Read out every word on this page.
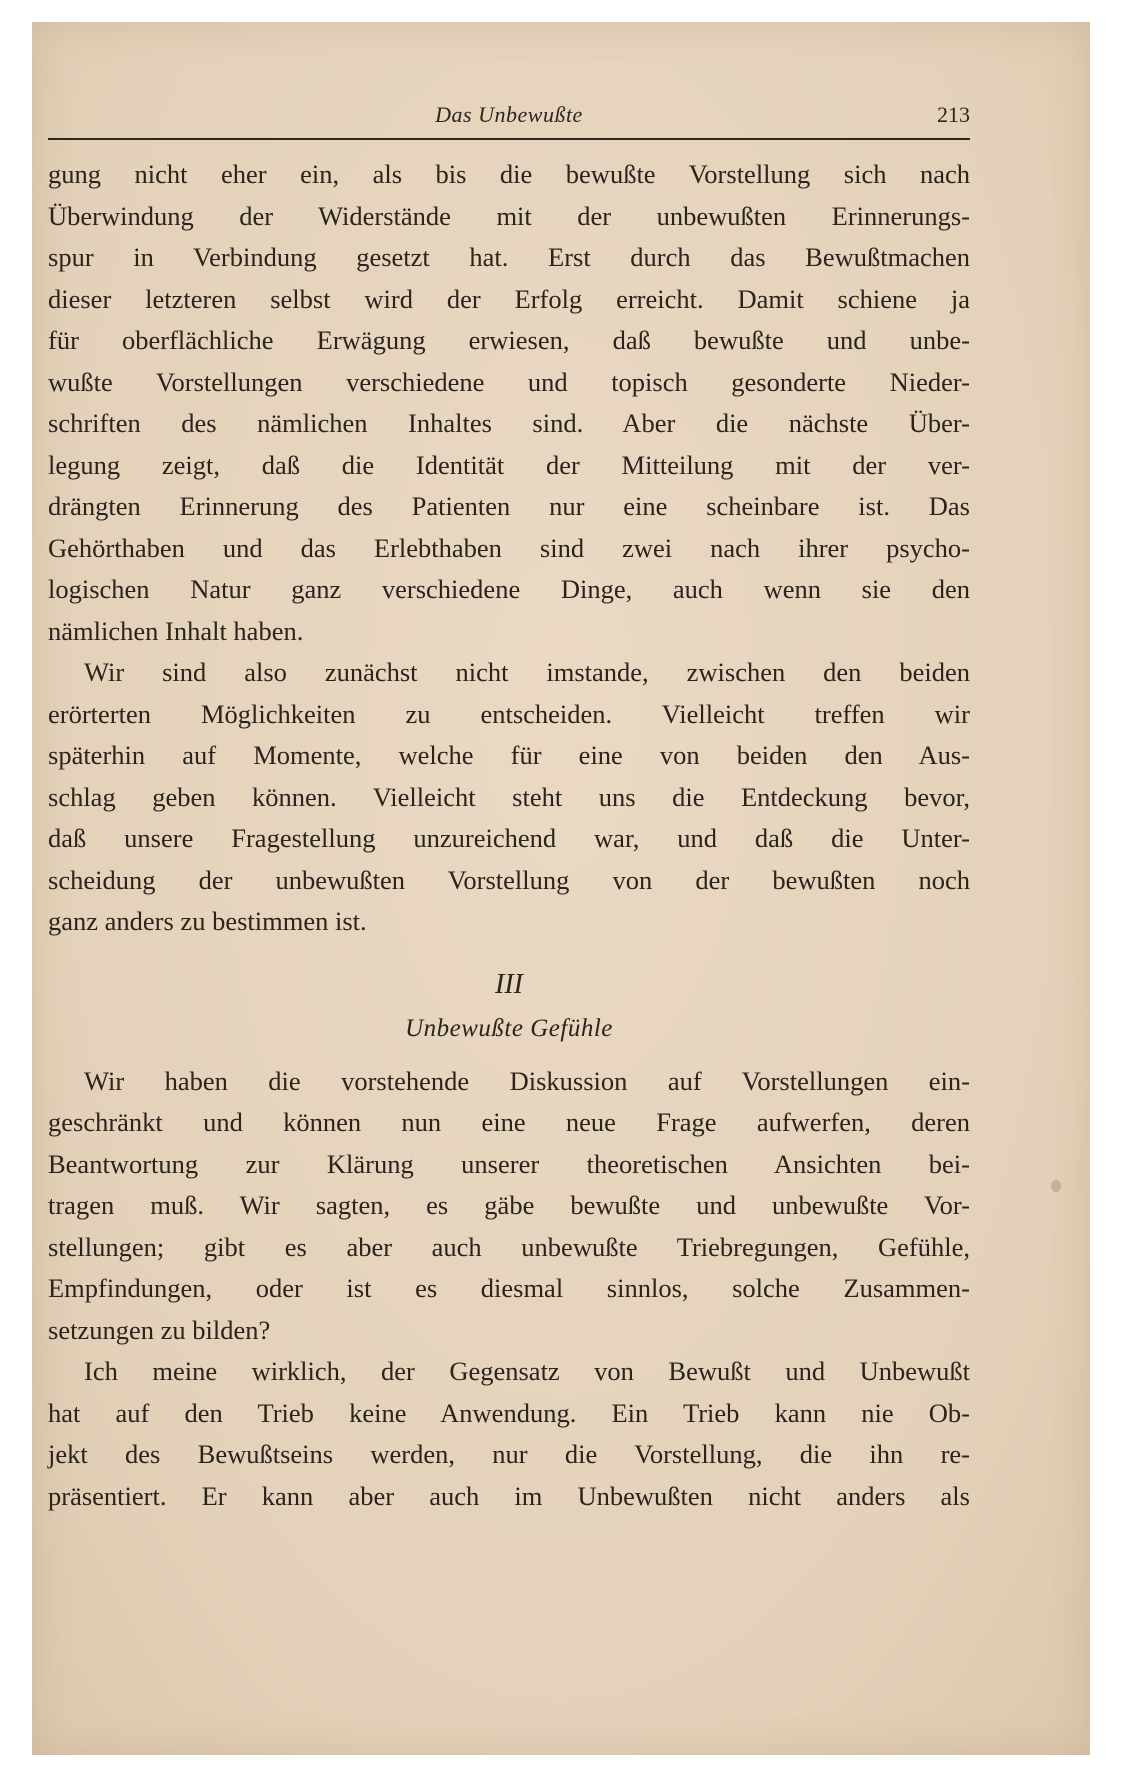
Das Unbewußte	213

gung nicht eher ein, als bis die bewußte Vorstellung sich nach
Überwindung der Widerstände mit der unbewußten Erinnerungs-
spur in Verbindung gesetzt hat. Erst durch das Bewußtmachen
dieser letzteren selbst wird der Erfolg erreicht. Damit schiene ja
für oberflächliche Erwägung erwiesen, daß bewußte und unbe-
wußte Vorstellungen verschiedene und topisch gesonderte Nieder-
schriften des nämlichen Inhaltes sind. Aber die nächste Über-
legung zeigt, daß die Identität der Mitteilung mit der ver-
drängten Erinnerung des Patienten nur eine scheinbare ist. Das
Gehörthaben und das Erlebthaben sind zwei nach ihrer psycho-
logischen Natur ganz verschiedene Dinge, auch wenn sie den
nämlichen Inhalt haben.

Wir sind also zunächst nicht imstande, zwischen den beiden
erörterten Möglichkeiten zu entscheiden. Vielleicht treffen wir
späterhin auf Momente, welche für eine von beiden den Aus-
schlag geben können. Vielleicht steht uns die Entdeckung bevor,
daß unsere Fragestellung unzureichend war, und daß die Unter-
scheidung der unbewußten Vorstellung von der bewußten noch
ganz anders zu bestimmen ist.

III
Unbewußte Gefühle

Wir haben die vorstehende Diskussion auf Vorstellungen ein-
geschränkt und können nun eine neue Frage aufwerfen, deren
Beantwortung zur Klärung unserer theoretischen Ansichten bei-
tragen muß. Wir sagten, es gäbe bewußte und unbewußte Vor-
stellungen; gibt es aber auch unbewußte Triebregungen, Gefühle,
Empfindungen, oder ist es diesmal sinnlos, solche Zusammen-
setzungen zu bilden?

Ich meine wirklich, der Gegensatz von Bewußt und Unbewußt
hat auf den Trieb keine Anwendung. Ein Trieb kann nie Ob-
jekt des Bewußtseins werden, nur die Vorstellung, die ihn re-
präsentiert. Er kann aber auch im Unbewußten nicht anders als
